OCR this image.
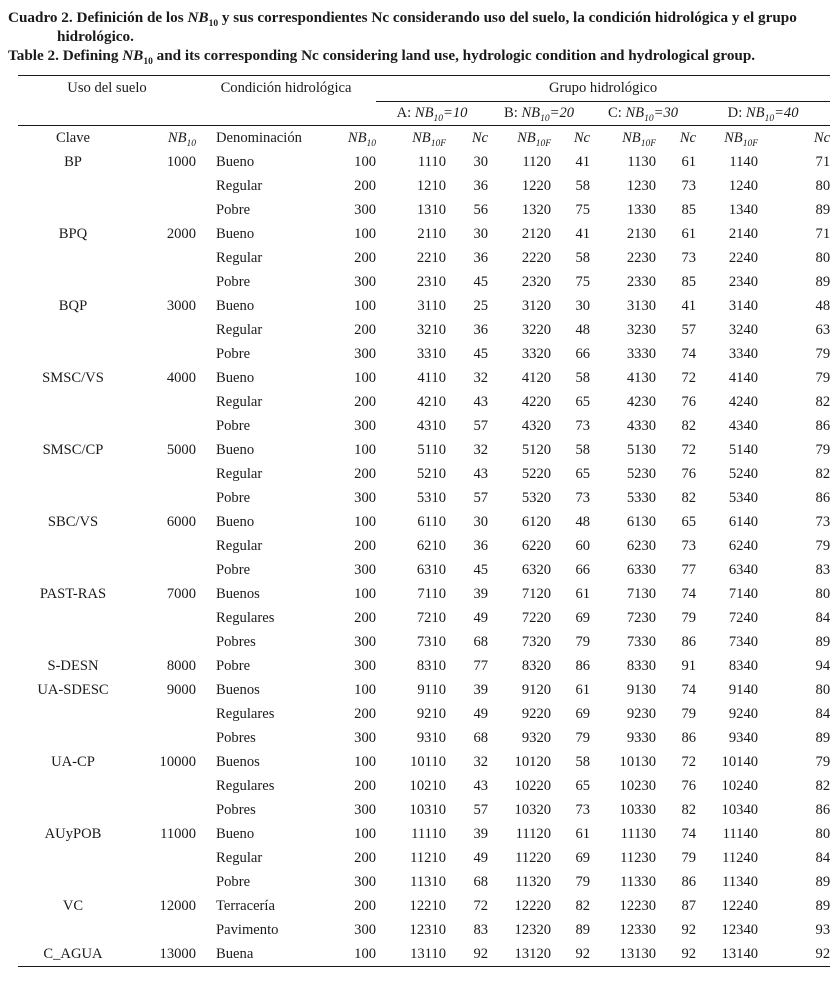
Cuadro 2. Definición de los $NB_{10}$ y sus correspondientes Nc considerando uso del suelo, la condición hidrológica y el grupo
hidrológico.
Table 2. Defining $NB_{10}$ and its corresponding Nc considering land use, hydrologic condition and hydrological group.
Uso del suelo		Condición hidrológica		Grupo hidrológico							
				A: $NB_{10}=10$		B: $NB_{10}=20$		C: $NB_{10}=30$		D: $NB_{10}=40$	
Clave	$NB_{10}$	Denominación	$NB_{10}$	$NB_{10F}$	Nc	$NB_{10F}$	Nc	$NB_{10F}$	Nc	$NB_{10F}$	Nc
BP	1000	Bueno	100	1110	30	1120	41	1130	61	1140	71
		Regular	200	1210	36	1220	58	1230	73	1240	80
		Pobre	300	1310	56	1320	75	1330	85	1340	89
BPQ	2000	Bueno	100	2110	30	2120	41	2130	61	2140	71
		Regular	200	2210	36	2220	58	2230	73	2240	80
		Pobre	300	2310	45	2320	75	2330	85	2340	89
BQP	3000	Bueno	100	3110	25	3120	30	3130	41	3140	48
		Regular	200	3210	36	3220	48	3230	57	3240	63
		Pobre	300	3310	45	3320	66	3330	74	3340	79
SMSC/VS	4000	Bueno	100	4110	32	4120	58	4130	72	4140	79
		Regular	200	4210	43	4220	65	4230	76	4240	82
		Pobre	300	4310	57	4320	73	4330	82	4340	86
SMSC/CP	5000	Bueno	100	5110	32	5120	58	5130	72	5140	79
		Regular	200	5210	43	5220	65	5230	76	5240	82
		Pobre	300	5310	57	5320	73	5330	82	5340	86
SBC/VS	6000	Bueno	100	6110	30	6120	48	6130	65	6140	73
		Regular	200	6210	36	6220	60	6230	73	6240	79
		Pobre	300	6310	45	6320	66	6330	77	6340	83
PAST-RAS	7000	Buenos	100	7110	39	7120	61	7130	74	7140	80
		Regulares	200	7210	49	7220	69	7230	79	7240	84
		Pobres	300	7310	68	7320	79	7330	86	7340	89
S-DESN	8000	Pobre	300	8310	77	8320	86	8330	91	8340	94
UA-SDESC	9000	Buenos	100	9110	39	9120	61	9130	74	9140	80
		Regulares	200	9210	49	9220	69	9230	79	9240	84
		Pobres	300	9310	68	9320	79	9330	86	9340	89
UA-CP	10000	Buenos	100	10110	32	10120	58	10130	72	10140	79
		Regulares	200	10210	43	10220	65	10230	76	10240	82
		Pobres	300	10310	57	10320	73	10330	82	10340	86
AUyPOB	11000	Bueno	100	11110	39	11120	61	11130	74	11140	80
		Regular	200	11210	49	11220	69	11230	79	11240	84
		Pobre	300	11310	68	11320	79	11330	86	11340	89
VC	12000	Terracería	200	12210	72	12220	82	12230	87	12240	89
		Pavimento	300	12310	83	12320	89	12330	92	12340	93
C_AGUA	13000	Buena	100	13110	92	13120	92	13130	92	13140	92
